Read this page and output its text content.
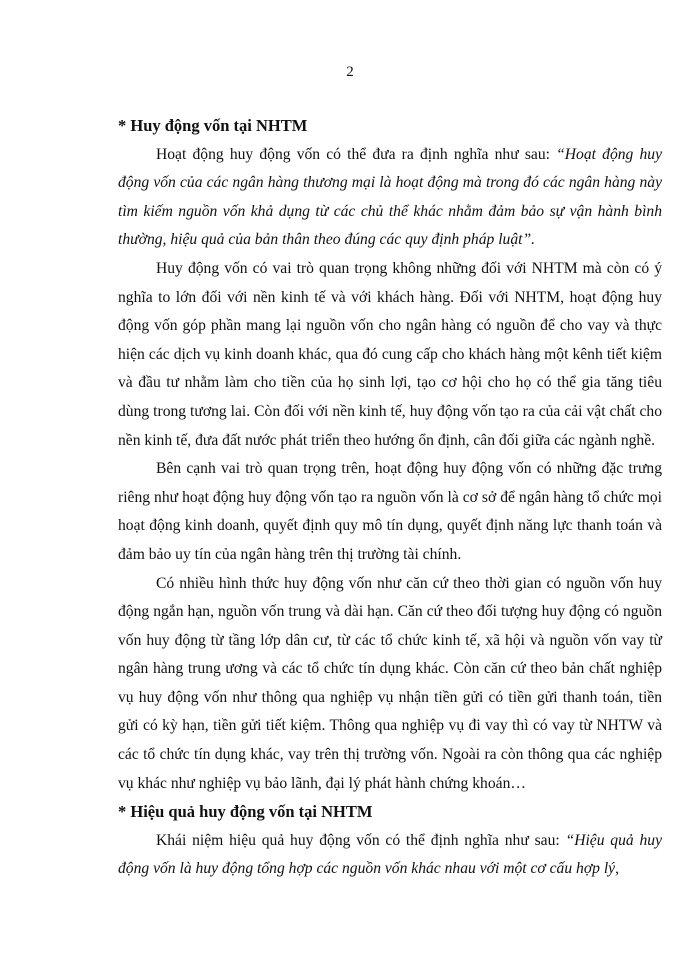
2

* Huy động vốn tại NHTM

Hoạt động huy động vốn có thể đưa ra định nghĩa như sau: “Hoạt động huy động vốn của các ngân hàng thương mại là hoạt động mà trong đó các ngân hàng này tìm kiếm nguồn vốn khả dụng từ các chủ thể khác nhằm đảm bảo sự vận hành bình thường, hiệu quả của bản thân theo đúng các quy định pháp luật”.

Huy động vốn có vai trò quan trọng không những đối với NHTM mà còn có ý nghĩa to lớn đối với nền kinh tế và với khách hàng. Đối với NHTM, hoạt động huy động vốn góp phần mang lại nguồn vốn cho ngân hàng có nguồn để cho vay và thực hiện các dịch vụ kinh doanh khác, qua đó cung cấp cho khách hàng một kênh tiết kiệm và đầu tư nhằm làm cho tiền của họ sinh lợi, tạo cơ hội cho họ có thể gia tăng tiêu dùng trong tương lai. Còn đối với nền kinh tế, huy động vốn tạo ra của cải vật chất cho nền kinh tế, đưa đất nước phát triển theo hướng ổn định, cân đối giữa các ngành nghề.

Bên cạnh vai trò quan trọng trên, hoạt động huy động vốn có những đặc trưng riêng như hoạt động huy động vốn tạo ra nguồn vốn là cơ sở để ngân hàng tổ chức mọi hoạt động kinh doanh, quyết định quy mô tín dụng, quyết định năng lực thanh toán và đảm bảo uy tín của ngân hàng trên thị trường tài chính.

Có nhiều hình thức huy động vốn như căn cứ theo thời gian có nguồn vốn huy động ngắn hạn, nguồn vốn trung và dài hạn. Căn cứ theo đối tượng huy động có nguồn vốn huy động từ tầng lớp dân cư, từ các tổ chức kinh tế, xã hội và nguồn vốn vay từ ngân hàng trung ương và các tổ chức tín dụng khác. Còn căn cứ theo bản chất nghiệp vụ huy động vốn như thông qua nghiệp vụ nhận tiền gửi có tiền gửi thanh toán, tiền gửi có kỳ hạn, tiền gửi tiết kiệm. Thông qua nghiệp vụ đi vay thì có vay từ NHTW và các tổ chức tín dụng khác, vay trên thị trường vốn. Ngoài ra còn thông qua các nghiệp vụ khác như nghiệp vụ bảo lãnh, đại lý phát hành chứng khoán…

* Hiệu quả huy động vốn tại NHTM

Khái niệm hiệu quả huy động vốn có thể định nghĩa như sau: “Hiệu quả huy động vốn là huy động tổng hợp các nguồn vốn khác nhau với một cơ cấu hợp lý,
